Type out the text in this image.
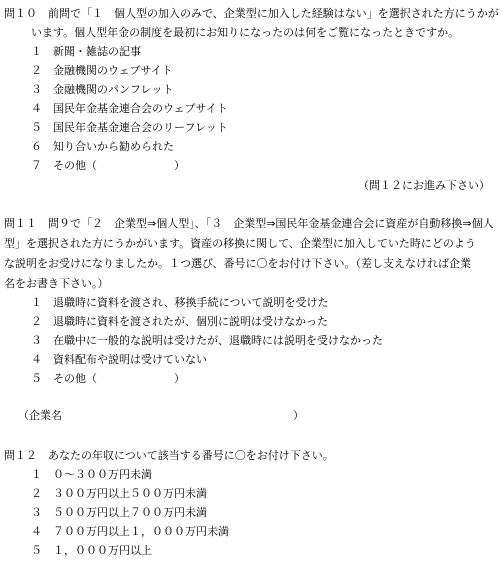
問１０　前問で「１　個人型の加入のみで、企業型に加入した経験はない」を選択された方にうかが
います。個人型年金の制度を最初にお知りになったのは何をご覧になったときですか。
１　新聞・雑誌の記事
２　金融機関のウェブサイト
３　金融機関のパンフレット
４　国民年金基金連合会のウェブサイト
５　国民年金基金連合会のリーフレット
６　知り合いから勧められた
７　その他（　　　　　　　）
（問１２にお進み下さい）
問１１　問９で「２　企業型⇒個人型」、「３　企業型⇒国民年金基金連合会に資産が自動移換⇒個人
型」を選択された方にうかがいます。資産の移換に関して、企業型に加入していた時にどのよう
な説明をお受けになりましたか。１つ選び、番号に〇をお付け下さい。（差し支えなければ企業
名をお書き下さい。）
１　退職時に資料を渡され、移換手続について説明を受けた
２　退職時に資料を渡されたが、個別に説明は受けなかった
３　在職中に一般的な説明は受けたが、退職時には説明を受けなかった
４　資料配布や説明は受けていない
５　その他（　　　　　　　）
（企業名　　　　　　　　　　　　　　　　　　　　　）
問１２　あなたの年収について該当する番号に〇をお付け下さい。
１　０～３００万円未満
２　３００万円以上５００万円未満
３　５００万円以上７００万円未満
４　７００万円以上１，０００万円未満
５　１，０００万円以上
